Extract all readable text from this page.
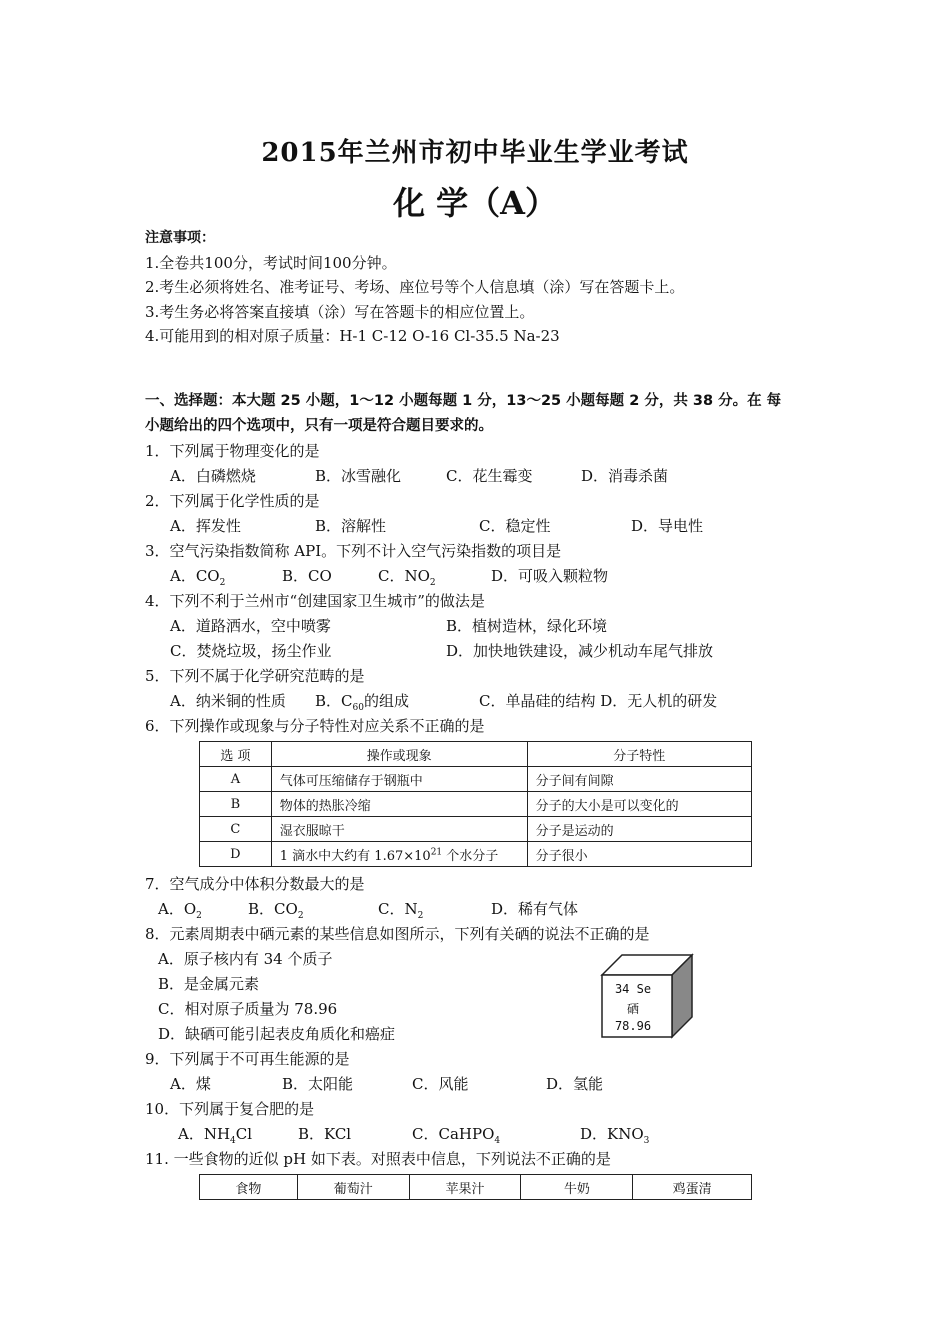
2015年兰州市初中毕业生学业考试
化 学（A）
注意事项：
1.全卷共100分，考试时间100分钟。
2.考生必须将姓名、准考证号、考场、座位号等个人信息填（涂）写在答题卡上。
3.考生务必将答案直接填（涂）写在答题卡的相应位置上。
4.可能用到的相对原子质量：H-1 C-12 O-16 Cl-35.5 Na-23
一、选择题：本大题 25 小题，1～12 小题每题 1 分，13～25 小题每题 2 分，共 38 分。在 每
小题给出的四个选项中，只有一项是符合题目要求的。
1．下列属于物理变化的是
A．白磷燃烧	B．冰雪融化	C．花生霉变	D．消毒杀菌
2．下列属于化学性质的是
A．挥发性	B．溶解性	C．稳定性	D．导电性
3．空气污染指数简称 API。下列不计入空气污染指数的项目是
A．$CO_2$	B．CO	C．$NO_2$	D．可吸入颗粒物
4．下列不利于兰州市“创建国家卫生城市”的做法是
A．道路洒水，空中喷雾	B．植树造林，绿化环境
C．焚烧垃圾，扬尘作业	D．加快地铁建设，减少机动车尾气排放
5．下列不属于化学研究范畴的是
A．纳米铜的性质 B．$C_{60}$的组成	C．单晶硅的结构 D．无人机的研发
6．下列操作或现象与分子特性对应关系不正确的是
选 项	操作或现象	分子特性
A	气体可压缩储存于钢瓶中	分子间有间隙
B	物体的热胀冷缩	分子的大小是可以变化的
C	湿衣服晾干	分子是运动的
D	1 滴水中大约有 $1.67\times 10^{21}$ 个水分子	分子很小
7．空气成分中体积分数最大的是
A．$O_2$	B．$CO_2$	C．$N_2$	D．稀有气体
8．元素周期表中硒元素的某些信息如图所示，下列有关硒的说法不正确的是
A．原子核内有 34 个质子
B．是金属元素
C．相对原子质量为 78.96
D．缺硒可能引起表皮角质化和癌症
34 Se
硒
78.96
9．下列属于不可再生能源的是
A．煤	B．太阳能	C．风能	D．氢能
10．下列属于复合肥的是
A．$NH_4Cl$	B．KCl	C．CaHPO$_4$	D．$KNO_3$
11. 一些食物的近似 pH 如下表。对照表中信息，下列说法不正确的是
食物	葡萄汁	苹果汁	牛奶	鸡蛋清
